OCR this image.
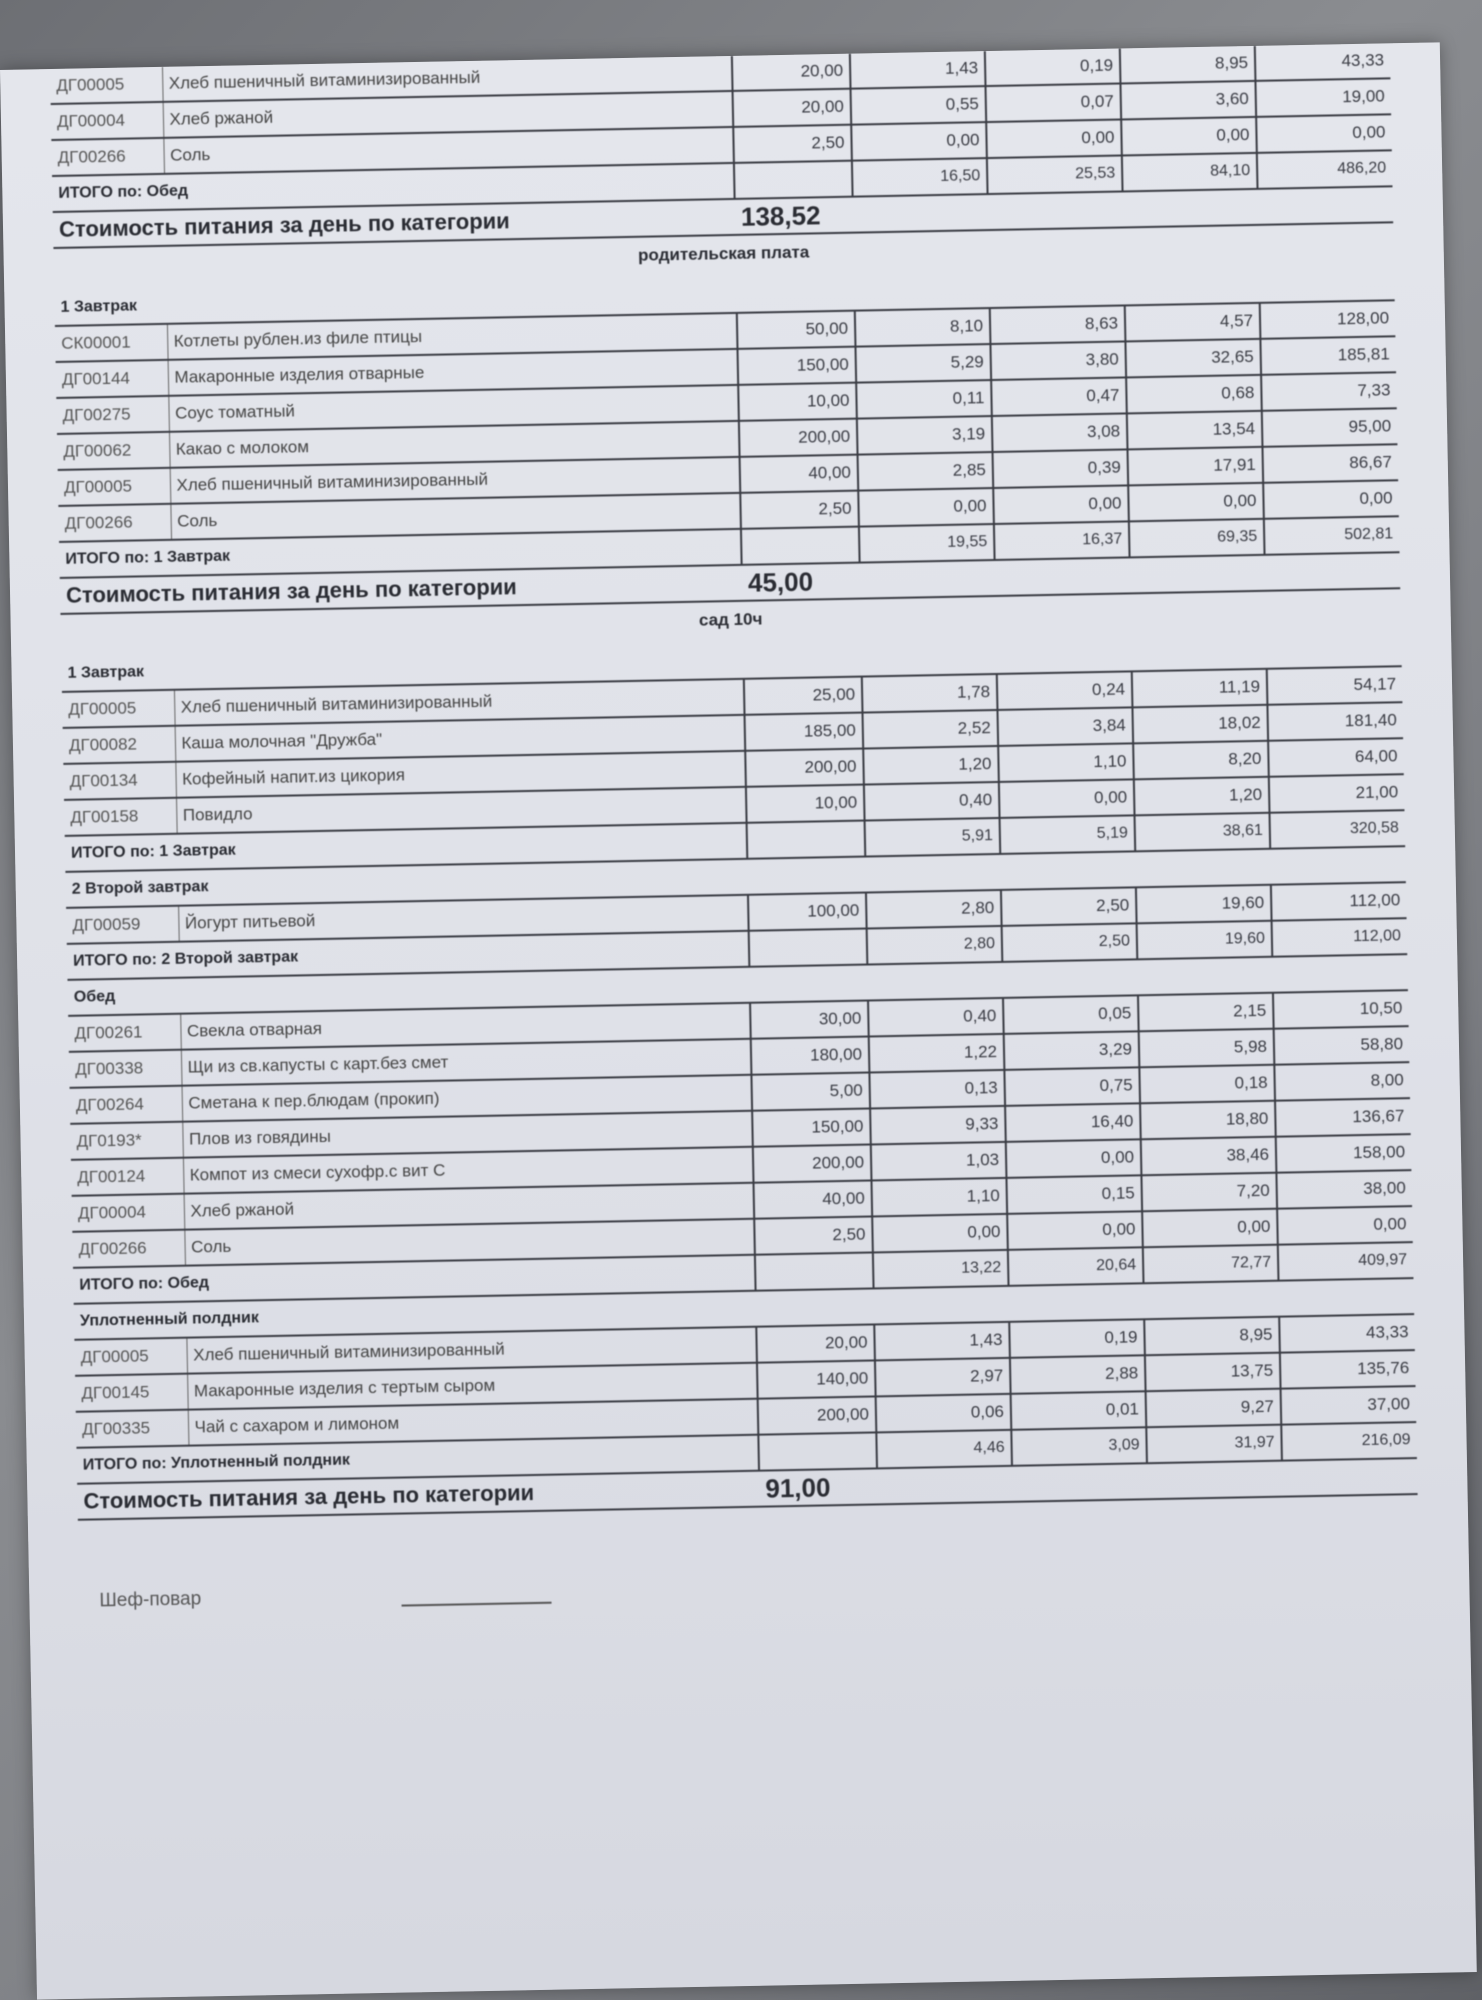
ДГ00005	Хлеб пшеничный витаминизированный	20,00	1,43	0,19	8,95	43,33
ДГ00004	Хлеб ржаной	20,00	0,55	0,07	3,60	19,00
ДГ00266	Соль	2,50	0,00	0,00	0,00	0,00
ИТОГО по: Обед			16,50	25,53	84,10	486,20
Стоимость питания за день по категории		138,52				
родительская плата
1 Завтрак						
СК00001	Котлеты рублен.из филе птицы	50,00	8,10	8,63	4,57	128,00
ДГ00144	Макаронные изделия отварные	150,00	5,29	3,80	32,65	185,81
ДГ00275	Соус томатный	10,00	0,11	0,47	0,68	7,33
ДГ00062	Какао с молоком	200,00	3,19	3,08	13,54	95,00
ДГ00005	Хлеб пшеничный витаминизированный	40,00	2,85	0,39	17,91	86,67
ДГ00266	Соль	2,50	0,00	0,00	0,00	0,00
ИТОГО по: 1 Завтрак			19,55	16,37	69,35	502,81
Стоимость питания за день по категории		45,00				
сад 10ч
1 Завтрак						
ДГ00005	Хлеб пшеничный витаминизированный	25,00	1,78	0,24	11,19	54,17
ДГ00082	Каша молочная "Дружба"	185,00	2,52	3,84	18,02	181,40
ДГ00134	Кофейный напит.из цикория	200,00	1,20	1,10	8,20	64,00
ДГ00158	Повидло	10,00	0,40	0,00	1,20	21,00
ИТОГО по: 1 Завтрак			5,91	5,19	38,61	320,58
2 Второй завтрак						
ДГ00059	Йогурт питьевой	100,00	2,80	2,50	19,60	112,00
ИТОГО по: 2 Второй завтрак			2,80	2,50	19,60	112,00
Обед						
ДГ00261	Свекла отварная	30,00	0,40	0,05	2,15	10,50
ДГ00338	Щи из св.капусты с карт.без смет	180,00	1,22	3,29	5,98	58,80
ДГ00264	Сметана к пер.блюдам (прокип)	5,00	0,13	0,75	0,18	8,00
ДГ0193*	Плов из говядины	150,00	9,33	16,40	18,80	136,67
ДГ00124	Компот из смеси сухофр.с вит С	200,00	1,03	0,00	38,46	158,00
ДГ00004	Хлеб ржаной	40,00	1,10	0,15	7,20	38,00
ДГ00266	Соль	2,50	0,00	0,00	0,00	0,00
ИТОГО по: Обед			13,22	20,64	72,77	409,97
Уплотненный полдник						
ДГ00005	Хлеб пшеничный витаминизированный	20,00	1,43	0,19	8,95	43,33
ДГ00145	Макаронные изделия с тертым сыром	140,00	2,97	2,88	13,75	135,76
ДГ00335	Чай с сахаром и лимоном	200,00	0,06	0,01	9,27	37,00
ИТОГО по: Уплотненный полдник			4,46	3,09	31,97	216,09
Стоимость питания за день по категории		91,00				
Шеф-повар
